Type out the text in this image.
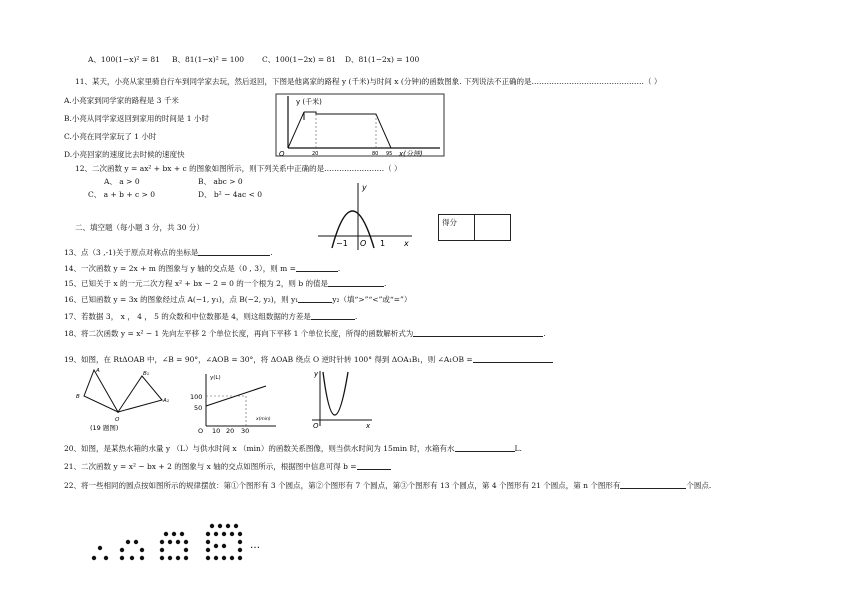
A、100(1−x)² = 81 B、81(1−x)² = 100 C、100(1−2x) = 81 D、81(1−2x) = 100
11、某天，小亮从家里骑自行车到同学家去玩，然后返回，下图是他离家的路程 y (千米)与时间 x (分钟)的函数图象. 下列说法不正确的是………………………………………（ ）
A.小亮家到同学家的路程是 3 千米
B.小亮从同学家返回到家用的时间是 1 小时
C.小亮在同学家玩了 1 小时
D.小亮回家的速度比去时候的速度快
y (千米)
x(分钟)
O	20	80 95
12、二次函数 y = ax² + bx + c 的图象如图所示，则下列关系中正确的是……………………（ ）
A、 a > 0	B、 abc > 0
C、 a + b + c > 0	D、 b² − 4ac < 0
y
x
−1 O 1
二、填空题（每小题 3 分，共 30 分）
得分	
13、点（3 ,-1)关于原点对称点的坐标是	.
14、一次函数 y = 2x + m 的图象与 y 轴的交点是（0 , 3），则 m =	.
15、已知关于 x 的一元二次方程 x² + bx − 2 = 0 的一个根为 2，则 b 的值是	.
16、已知函数 y = 3x 的图象经过点 A(−1, y₁)，点 B(−2, y₂)，则 y₁	y₂（填“>”“<”或“=”）
17、若数据 3， x ， 4 ， 5 的众数和中位数都是 4，则这组数据的方差是	.
18、将二次函数 y = x² − 1 先向左平移 2 个单位长度，再向下平移 1 个单位长度，所得的函数解析式为	.
19、如图，在 RtΔOAB 中，∠B = 90°，∠AOB = 30°，将 ΔOAB 绕点 O 逆时针转 100° 得到 ΔOA₁B₁，则 ∠A₁OB =
A
B
O
A₁
B₁
(19 题图)
y(L)
x(min)
100
50
O 10 20 30
y
x
O
20、如图，是某热水箱的水量 y （L）与供水时间 x （min）的函数关系图像，则当供水时间为 15min 时，水箱有水	L.
21、二次函数 y = x² − bx + 2 的图象与 x 轴的交点如图所示，根据图中信息可得 b =
22、将一些相同的圆点按如图所示的规律摆放：第①个图形有 3 个圆点，第②个图形有 7 个圆点，第③个图形有 13 个圆点，第 4 个图形有 21 个圆点，第 n 个图形有	个圆点.
…
